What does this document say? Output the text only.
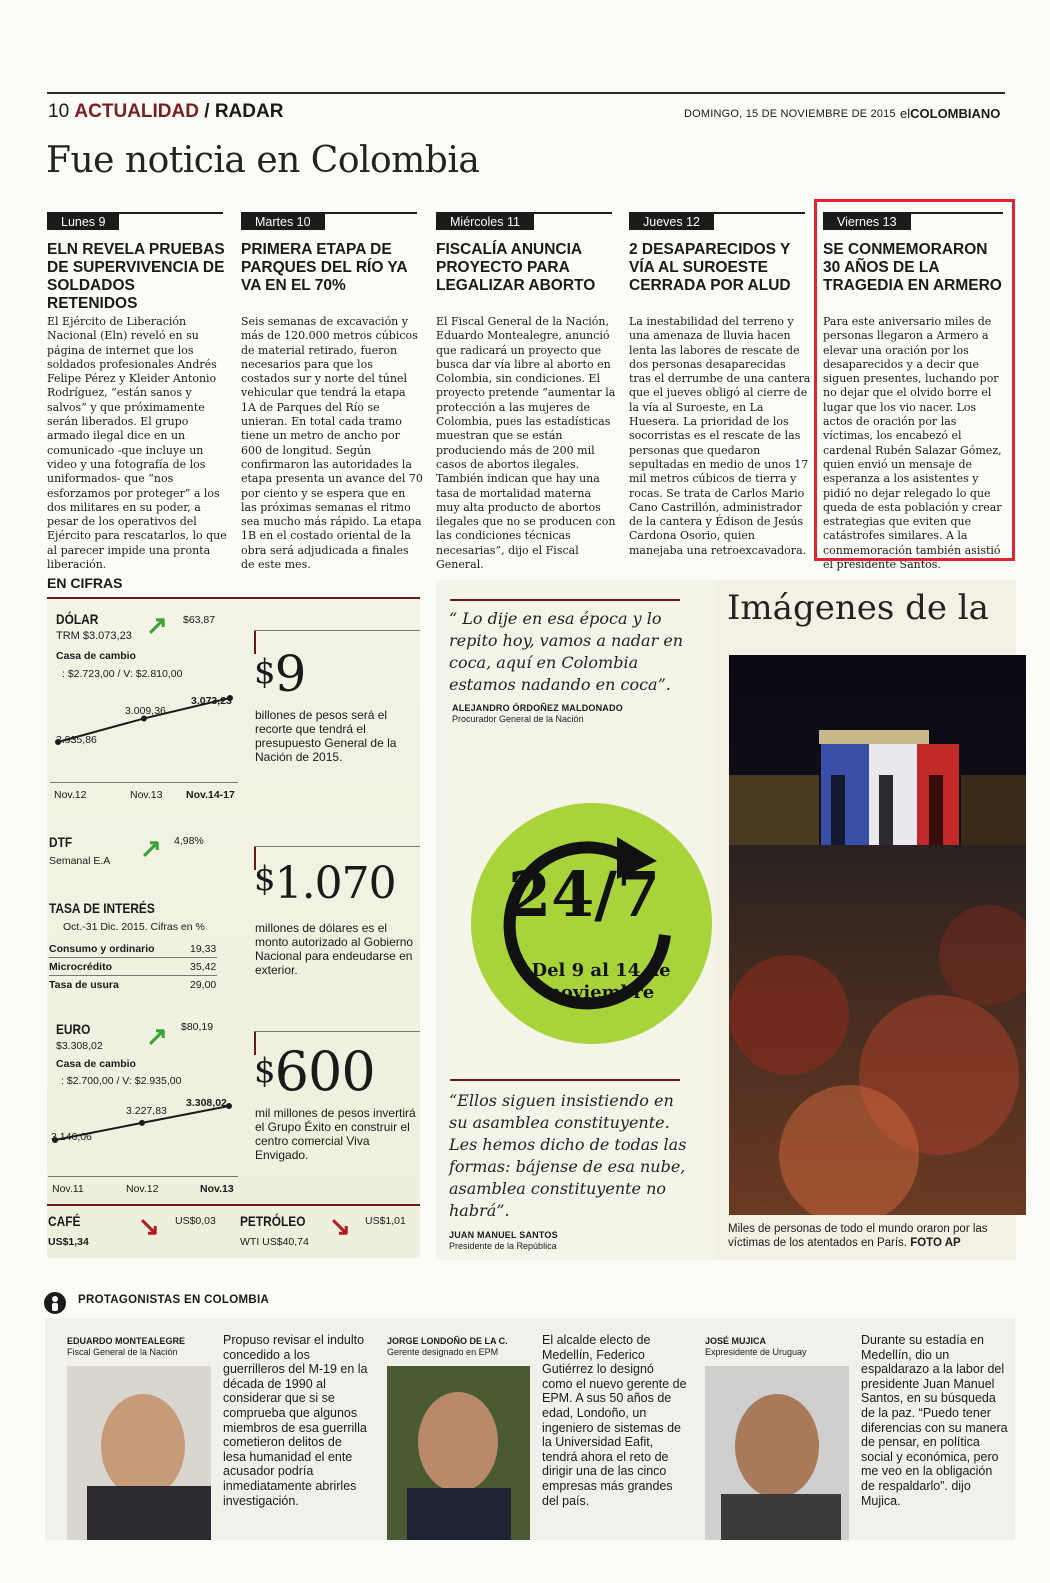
10 ACTUALIDAD / RADAR	DOMINGO, 15 DE NOVIEMBRE DE 2015 elCOLOMBIANO
Fue noticia en Colombia
Lunes 9
ELN REVELA PRUEBAS DE SUPERVIVENCIA DE SOLDADOS RETENIDOS
El Ejército de Liberación Nacional (Eln) reveló en su página de internet que los soldados profesionales Andrés Felipe Pérez y Kleider Antonio Rodríguez, “están sanos y salvos” y que próximamente serán liberados. El grupo armado ilegal dice en un comunicado -que incluye un video y una fotografía de los uniformados- que “nos esforzamos por proteger” a los dos militares en su poder, a pesar de los operativos del Ejército para rescatarlos, lo que al parecer impide una pronta liberación.
Martes 10
PRIMERA ETAPA DE PARQUES DEL RÍO YA VA EN EL 70%
Seis semanas de excavación y más de 120.000 metros cúbicos de material retirado, fueron necesarios para que los costados sur y norte del túnel vehicular que tendrá la etapa 1A de Parques del Río se unieran. En total cada tramo tiene un metro de ancho por 600 de longitud. Según confirmaron las autoridades la etapa presenta un avance del 70 por ciento y se espera que en las próximas semanas el ritmo sea mucho más rápido. La etapa 1B en el costado oriental de la obra será adjudicada a finales de este mes.
Miércoles 11
FISCALÍA ANUNCIA PROYECTO PARA LEGALIZAR ABORTO
El Fiscal General de la Nación, Eduardo Montealegre, anunció que radicará un proyecto que busca dar vía libre al aborto en Colombia, sin condiciones. El proyecto pretende “aumentar la protección a las mujeres de Colombia, pues las estadísticas muestran que se están produciendo más de 200 mil casos de abortos ilegales. También indican que hay una tasa de mortalidad materna muy alta producto de abortos ilegales que no se producen con las condiciones técnicas necesarias”, dijo el Fiscal General.
Jueves 12
2 DESAPARECIDOS Y VÍA AL SUROESTE CERRADA POR ALUD
La inestabilidad del terreno y una amenaza de lluvia hacen lenta las labores de rescate de dos personas desaparecidas tras el derrumbe de una cantera que el jueves obligó al cierre de la vía al Suroeste, en La Huesera. La prioridad de los socorristas es el rescate de las personas que quedaron sepultadas en medio de unos 17 mil metros cúbicos de tierra y rocas. Se trata de Carlos Mario Cano Castrillón, administrador de la cantera y Édison de Jesús Cardona Osorio, quien manejaba una retroexcavadora.
Viernes 13
SE CONMEMORARON 30 AÑOS DE LA TRAGEDIA EN ARMERO
Para este aniversario miles de personas llegaron a Armero a elevar una oración por los desaparecidos y a decir que siguen presentes, luchando por no dejar que el olvido borre el lugar que los vio nacer. Los actos de oración por las víctimas, los encabezó el cardenal Rubén Salazar Gómez, quien envió un mensaje de esperanza a los asistentes y pidió no dejar relegado lo que queda de esta población y crear estrategias que eviten que catástrofes similares. A la conmemoración también asistió el presidente Santos.
EN CIFRAS
DÓLAR
TRM $3.073,23 ↗ $63,87
Casa de cambio
: $2.723,00 / V: $2.810,00
2.935,86
3.009,36
3.073,23
Nov.12	Nov.13 Nov.14-17
DTF
Semanal E.A ↗ 4,98%
TASA DE INTERÉS
Oct.-31 Dic. 2015. Cifras en %
Consumo y ordinario	19,33
Microcrédito	35,42
Tasa de usura	29,00
EURO
$3.308,02 ↗ $80,19
Casa de cambio
: $2.700,00 / V: $2.935,00
3.146,06
3.227,83
3.308,02
Nov.11	Nov.12	Nov.13
CAFÉ
US$1,34
↘ US$0,03 PETRÓLEO
WTI US$40,74
↘ US$1,01
$9
billones de pesos será el recorte que tendrá el presupuesto General de la Nación de 2015.
$1.070
millones de dólares es el monto autorizado al Gobierno Nacional para endeudarse en exterior.
$600
mil millones de pesos invertirá el Grupo Éxito en construir el centro comercial Viva Envigado.
“ Lo dije en esa época y lo repito hoy, vamos a nadar en coca, aquí en Colombia estamos nadando en coca”.
ALEJANDRO ÓRDOÑEZ MALDONADO
Procurador General de la Nación
24/7
Del 9 al 14 de
noviembre
“Ellos siguen insistiendo en su asamblea constituyente. Les hemos dicho de todas las formas: bájense de esa nube, asamblea constituyente no habrá”.
JUAN MANUEL SANTOS
Presidente de la República
Imágenes de la
Miles de personas de todo el mundo oraron por las víctimas de los atentados en París. FOTO AP
PROTAGONISTAS EN COLOMBIA
EDUARDO MONTEALEGRE
Fiscal General de la Nación
Propuso revisar el indulto concedido a los guerrilleros del M-19 en la década de 1990 al considerar que si se comprueba que algunos miembros de esa guerrilla cometieron delitos de lesa humanidad el ente acusador podría inmediatamente abrirles investigación.
JORGE LONDOÑO DE LA C.
Gerente designado en EPM
El alcalde electo de Medellín, Federico Gutiérrez lo designó como el nuevo gerente de EPM. A sus 50 años de edad, Londoño, un ingeniero de sistemas de la Universidad Eafit, tendrá ahora el reto de dirigir una de las cinco empresas más grandes del país.
JOSÉ MUJICA
Expresidente de Uruguay
Durante su estadía en Medellín, dio un espaldarazo a la labor del presidente Juan Manuel Santos, en su búsqueda de la paz. “Puedo tener diferencias con su manera de pensar, en política social y económica, pero me veo en la obligación de respaldarlo”. dijo Mujica.
